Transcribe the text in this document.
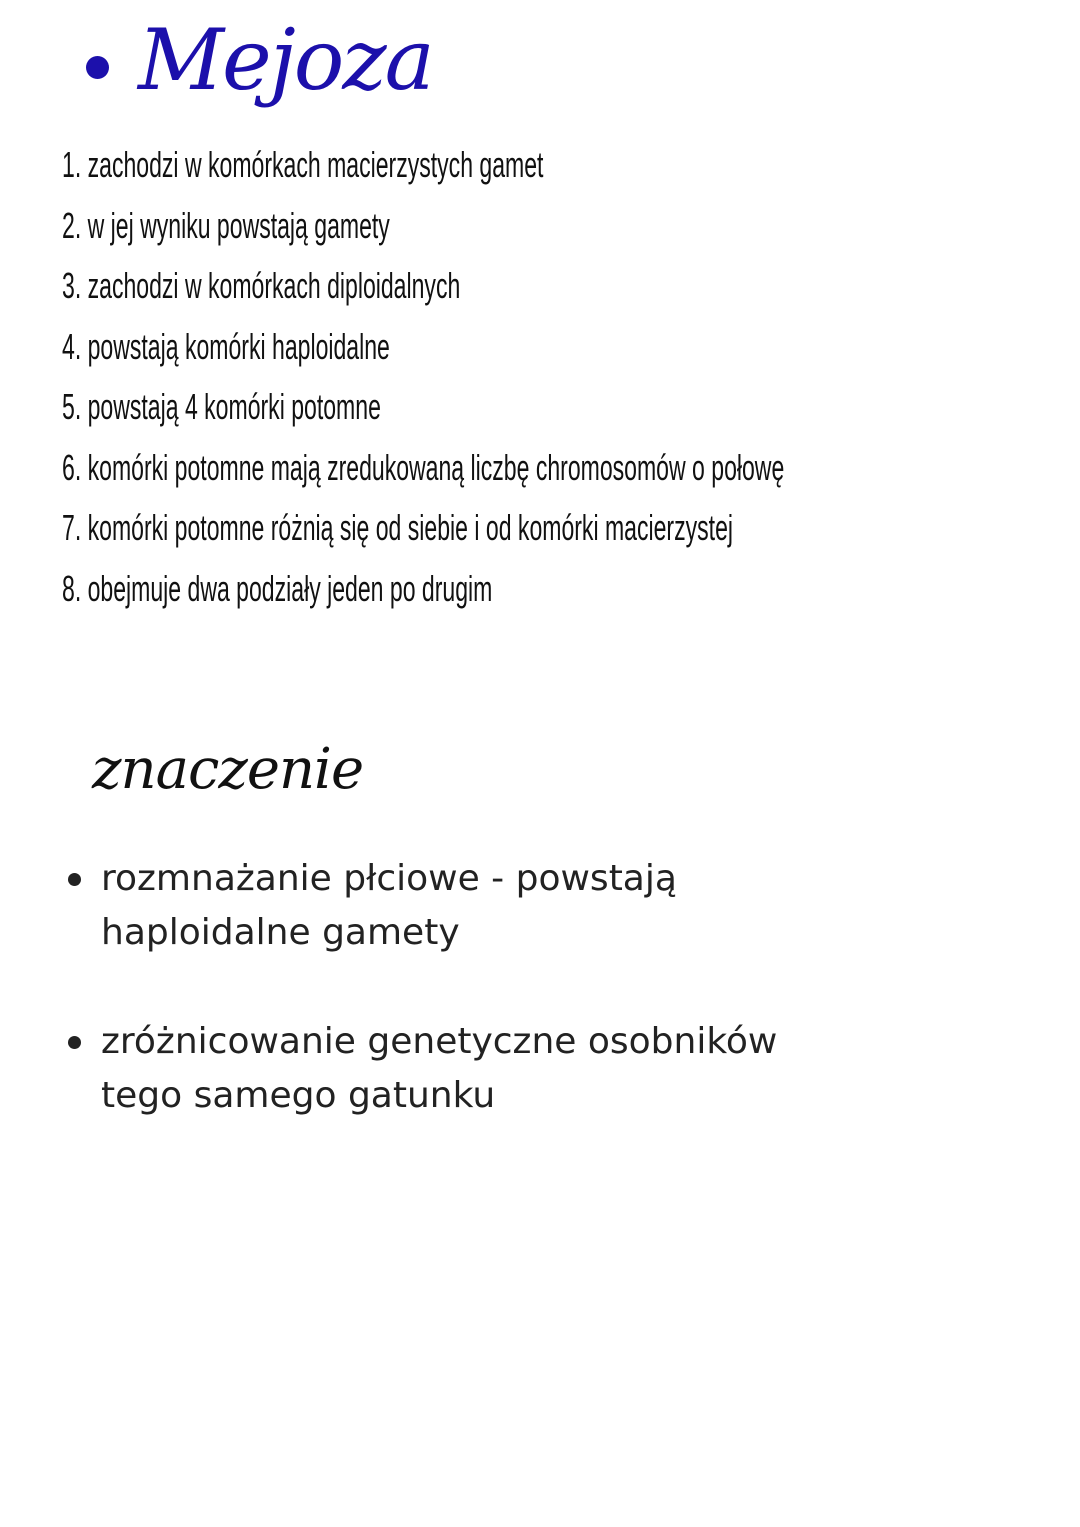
Mejoza
1. zachodzi w komórkach macierzystych gamet
2. w jej wyniku powstają gamety
3. zachodzi w komórkach diploidalnych
4. powstają komórki haploidalne
5. powstają 4 komórki potomne
6. komórki potomne mają zredukowaną liczbę chromosomów o połowę
7. komórki potomne różnią się od siebie i od komórki macierzystej
8. obejmuje dwa podziały jeden po drugim
znaczenie
rozmnażanie płciowe - powstają haploidalne gamety
zróżnicowanie genetyczne osobników tego samego gatunku
